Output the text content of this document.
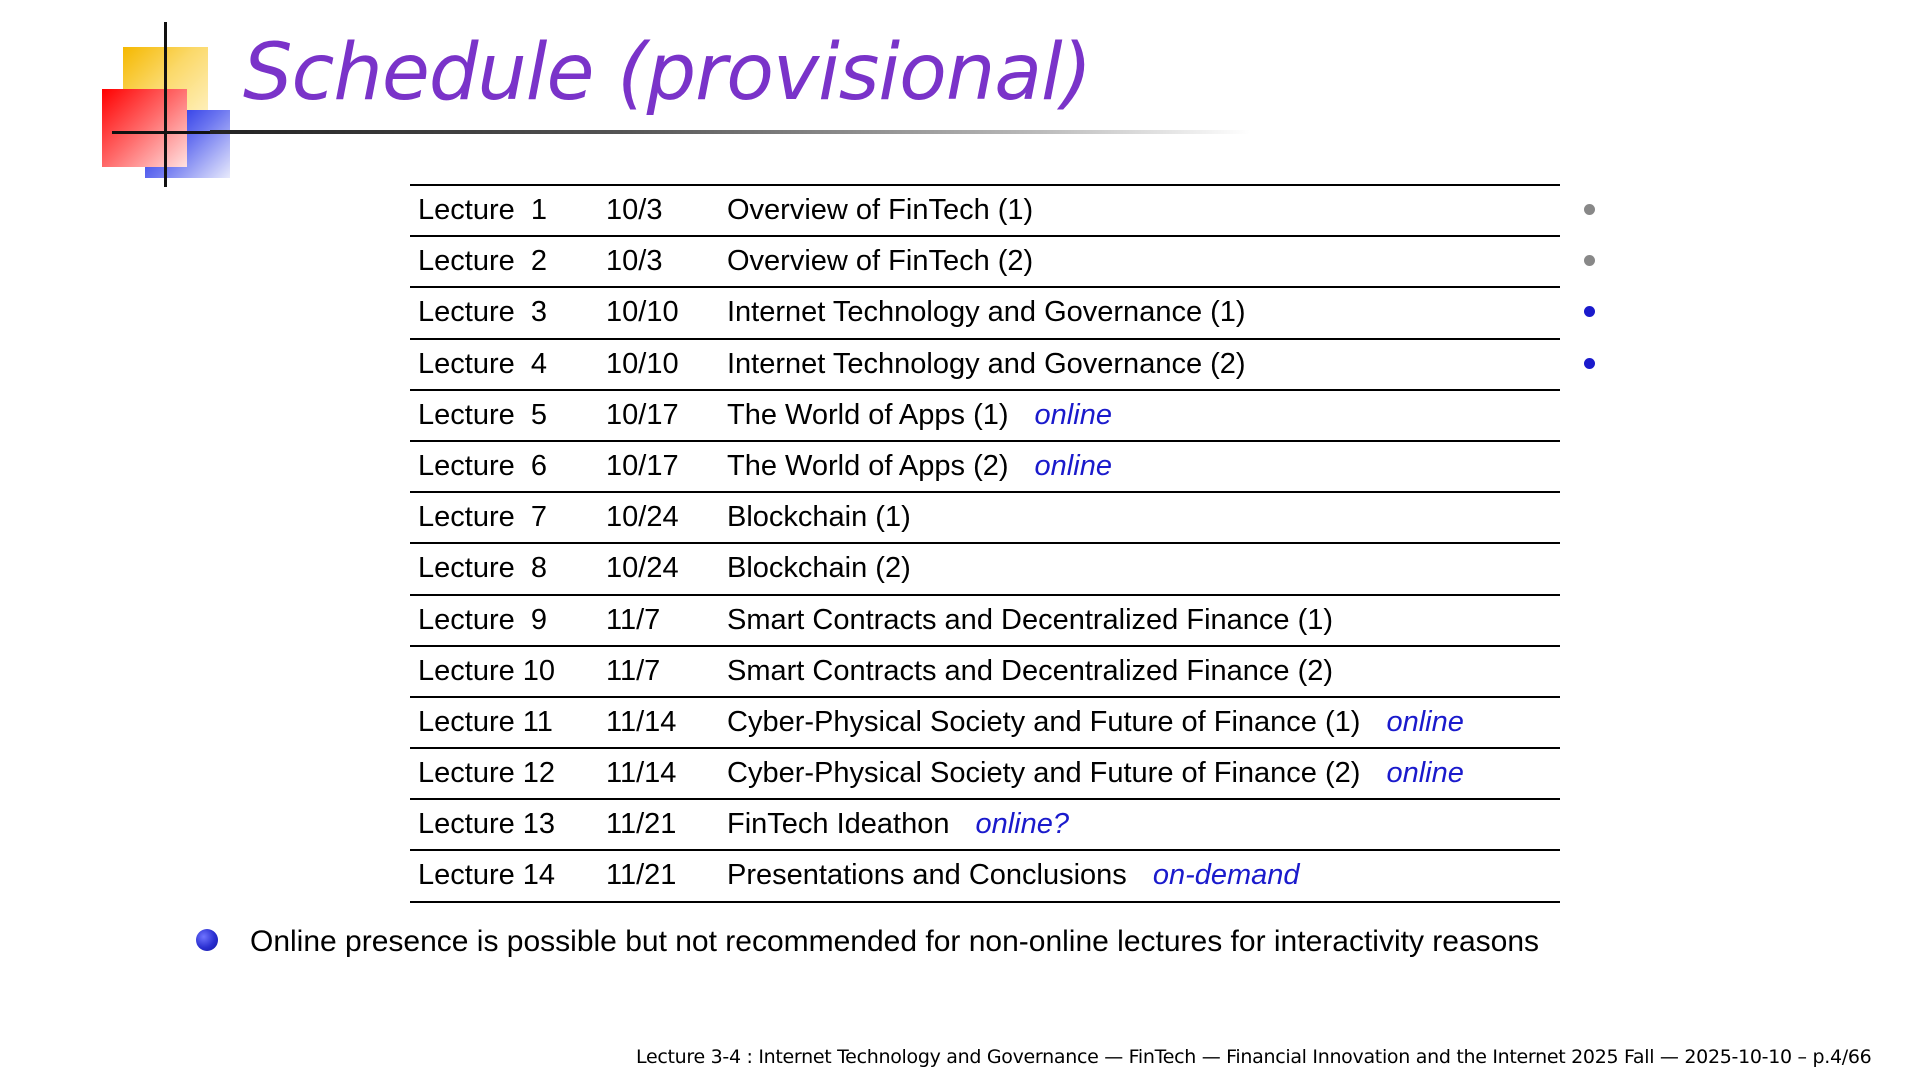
Schedule (provisional)
Lecture  1 10/3 Overview of FinTech (1)
Lecture  2 10/3 Overview of FinTech (2)
Lecture  3 10/10 Internet Technology and Governance (1)
Lecture  4 10/10 Internet Technology and Governance (2)
Lecture  5 10/17 The World of Apps (1) online
Lecture  6 10/17 The World of Apps (2) online
Lecture  7 10/24 Blockchain (1)
Lecture  8 10/24 Blockchain (2)
Lecture  9 11/7 Smart Contracts and Decentralized Finance (1)
Lecture 10 11/7 Smart Contracts and Decentralized Finance (2)
Lecture 11 11/14 Cyber-Physical Society and Future of Finance (1) online
Lecture 12 11/14 Cyber-Physical Society and Future of Finance (2) online
Lecture 13 11/21 FinTech Ideathon online?
Lecture 14 11/21 Presentations and Conclusions on-demand
Online presence is possible but not recommended for non-online lectures for interactivity reasons
Lecture 3-4 : Internet Technology and Governance — FinTech — Financial Innovation and the Internet 2025 Fall — 2025-10-10 – p.4/66
